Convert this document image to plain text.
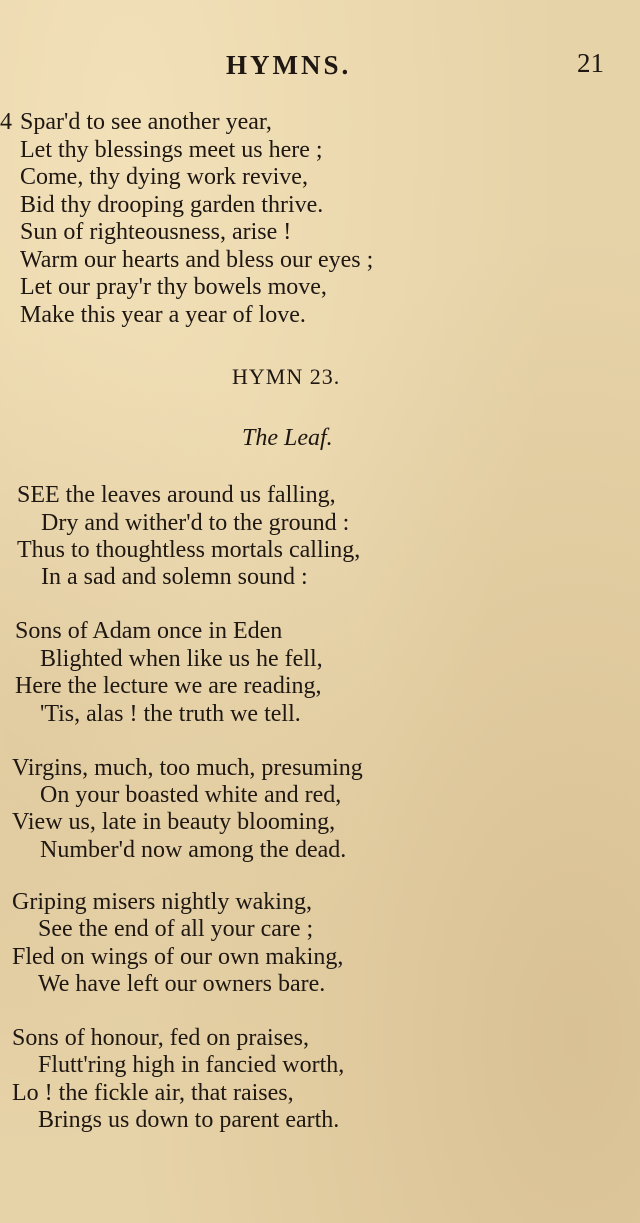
HYMNS.	21
4 Spar'd to see another year,
Let thy blessings meet us here ;
Come, thy dying work revive,
Bid thy drooping garden thrive.
Sun of righteousness, arise !
Warm our hearts and bless our eyes ;
Let our pray'r thy bowels move,
Make this year a year of love.
HYMN 23.
The Leaf.
SEE the leaves around us falling,
Dry and wither'd to the ground :
Thus to thoughtless mortals calling,
In a sad and solemn sound :
Sons of Adam once in Eden
Blighted when like us he fell,
Here the lecture we are reading,
'Tis, alas ! the truth we tell.
Virgins, much, too much, presuming
On your boasted white and red,
View us, late in beauty blooming,
Number'd now among the dead.
Griping misers nightly waking,
See the end of all your care ;
Fled on wings of our own making,
We have left our owners bare.
Sons of honour, fed on praises,
Flutt'ring high in fancied worth,
Lo ! the fickle air, that raises,
Brings us down to parent earth.
